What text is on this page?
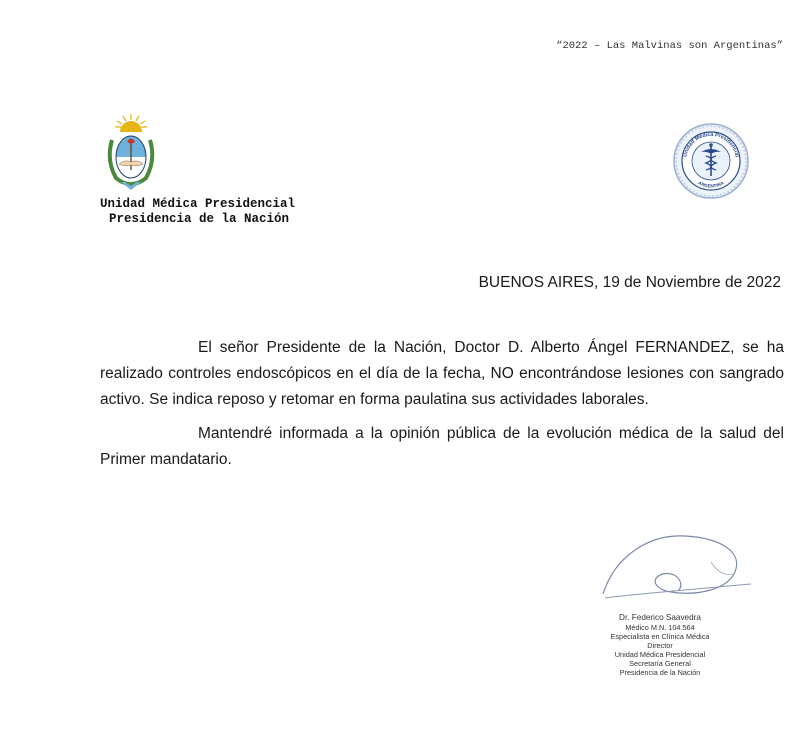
“2022 – Las Malvinas son Argentinas”
Unidad Médica Presidencial
Presidencia de la Nación
Unidad Médica Presidencial
ARGENTINA
BUENOS AIRES, 19 de Noviembre de 2022

El señor Presidente de la Nación, Doctor D. Alberto Ángel FERNANDEZ, se ha realizado controles endoscópicos en el día de la fecha, NO encontrándose lesiones con sangrado activo. Se indica reposo y retomar en forma paulatina sus actividades laborales.

Mantendré informada a la opinión pública de la evolución médica de la salud del Primer mandatario.

Dr. Federico Saavedra
Médico M.N. 104.564
Especialista en Clínica Médica
Director
Unidad Médica Presidencial
Secretaría General
Presidencia de la Nación
